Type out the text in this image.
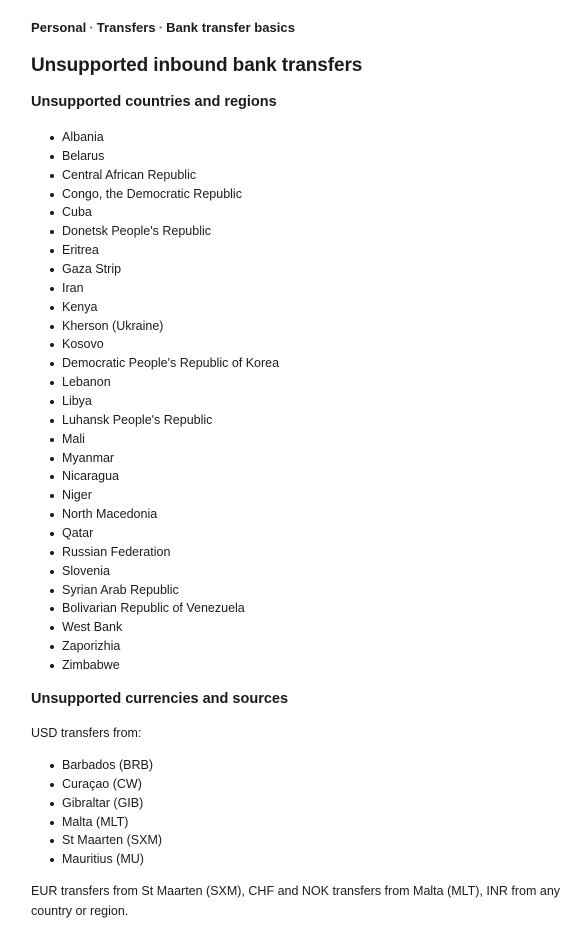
Personal · Transfers · Bank transfer basics
Unsupported inbound bank transfers
Unsupported countries and regions
Albania
Belarus
Central African Republic
Congo, the Democratic Republic
Cuba
Donetsk People's Republic
Eritrea
Gaza Strip
Iran
Kenya
Kherson (Ukraine)
Kosovo
Democratic People's Republic of Korea
Lebanon
Libya
Luhansk People's Republic
Mali
Myanmar
Nicaragua
Niger
North Macedonia
Qatar
Russian Federation
Slovenia
Syrian Arab Republic
Bolivarian Republic of Venezuela
West Bank
Zaporizhia
Zimbabwe
Unsupported currencies and sources

USD transfers from:

Barbados (BRB)
Curaçao (CW)
Gibraltar (GIB)
Malta (MLT)
St Maarten (SXM)
Mauritius (MU)

EUR transfers from St Maarten (SXM), CHF and NOK transfers from Malta (MLT), INR from any country or region.
